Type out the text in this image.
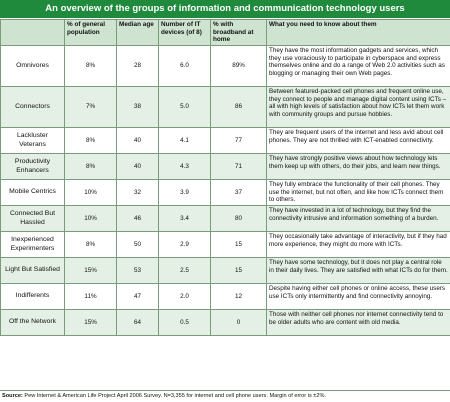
An overview of the groups of information and communication technology users
	% of general population	Median age	Number of IT devices (of 8)	% with broadband at home	What you need to know about them
Omnivores	8%	28	6.0	89%	They have the most information gadgets and services, which they use voraciously to participate in cyberspace and express themselves online and do a range of Web 2.0 activities such as blogging or managing their own Web pages.
Connectors	7%	38	5.0	86	Between featured-packed cell phones and frequent online use, they connect to people and manage digital content using ICTs – all with high levels of satisfaction about how ICTs let them work with community groups and pursue hobbies.
Lackluster Veterans	8%	40	4.1	77	They are frequent users of the internet and less avid about cell phones. They are not thrilled with ICT-enabled connectivity.
Productivity Enhancers	8%	40	4.3	71	They have strongly positive views about how technology lets them keep up with others, do their jobs, and learn new things.
Mobile Centrics	10%	32	3.9	37	They fully embrace the functionality of their cell phones. They use the internet, but not often, and like how ICTs connect them to others.
Connected But Hassled	10%	46	3.4	80	They have invested in a lot of technology, but they find the connectivity intrusive and information something of a burden.
Inexperienced Experimenters	8%	50	2.9	15	They occasionally take advantage of interactivity, but if they had more experience, they might do more with ICTs.
Light But Satisfied	15%	53	2.5	15	They have some technology, but it does not play a central role in their daily lives. They are satisfied with what ICTs do for them.
Indifferents	11%	47	2.0	12	Despite having either cell phones or online access, these users use ICTs only intermittently and find connectivity annoying.
Off the Network	15%	64	0.5	0	Those with neither cell phones nor internet connectivity tend to be older adults who are content with old media.
Source: Pew Internet & American Life Project April 2006 Survey. N=3,355 for internet and cell phone users. Margin of error is ±2%.
